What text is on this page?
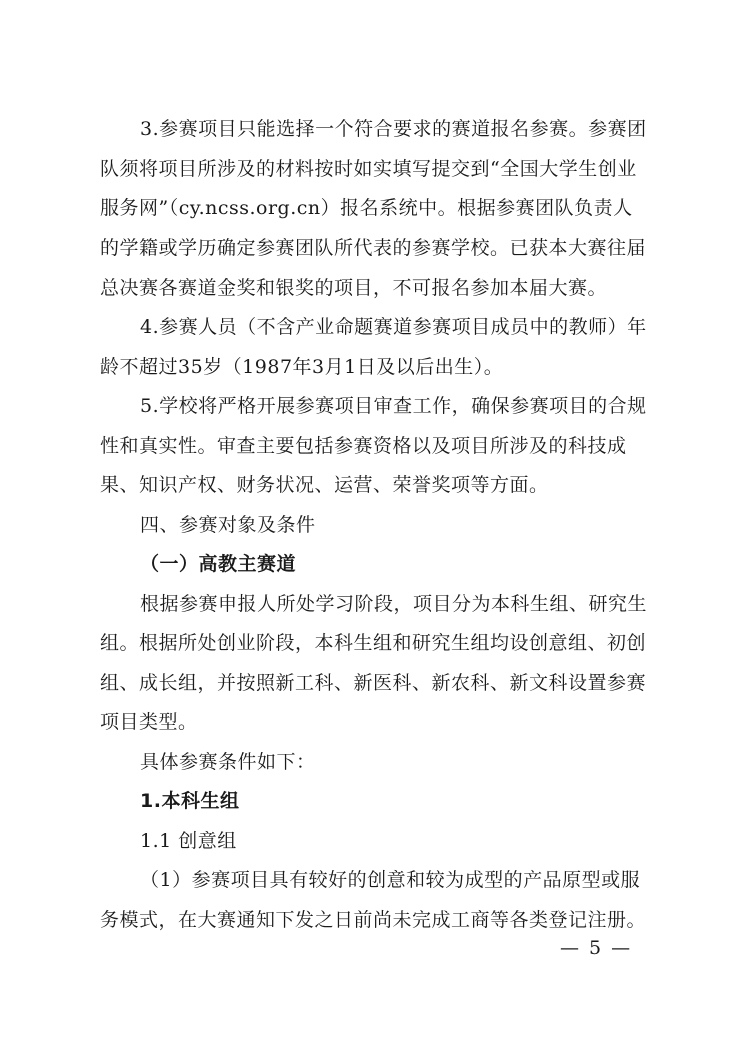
3.参赛项目只能选择一个符合要求的赛道报名参赛。参赛团
队须将项目所涉及的材料按时如实填写提交到“全国大学生创业
服务网”（cy.ncss.org.cn）报名系统中。根据参赛团队负责人
的学籍或学历确定参赛团队所代表的参赛学校。已获本大赛往届
总决赛各赛道金奖和银奖的项目，不可报名参加本届大赛。
4.参赛人员（不含产业命题赛道参赛项目成员中的教师）年
龄不超过35岁（1987年3月1日及以后出生）。
5.学校将严格开展参赛项目审查工作，确保参赛项目的合规
性和真实性。审查主要包括参赛资格以及项目所涉及的科技成
果、知识产权、财务状况、运营、荣誉奖项等方面。
四、参赛对象及条件
（一）高教主赛道
根据参赛申报人所处学习阶段，项目分为本科生组、研究生
组。根据所处创业阶段，本科生组和研究生组均设创意组、初创
组、成长组，并按照新工科、新医科、新农科、新文科设置参赛
项目类型。
具体参赛条件如下：
1.本科生组
1.1 创意组
（1）参赛项目具有较好的创意和较为成型的产品原型或服
务模式，在大赛通知下发之日前尚未完成工商等各类登记注册。
— 5 —
